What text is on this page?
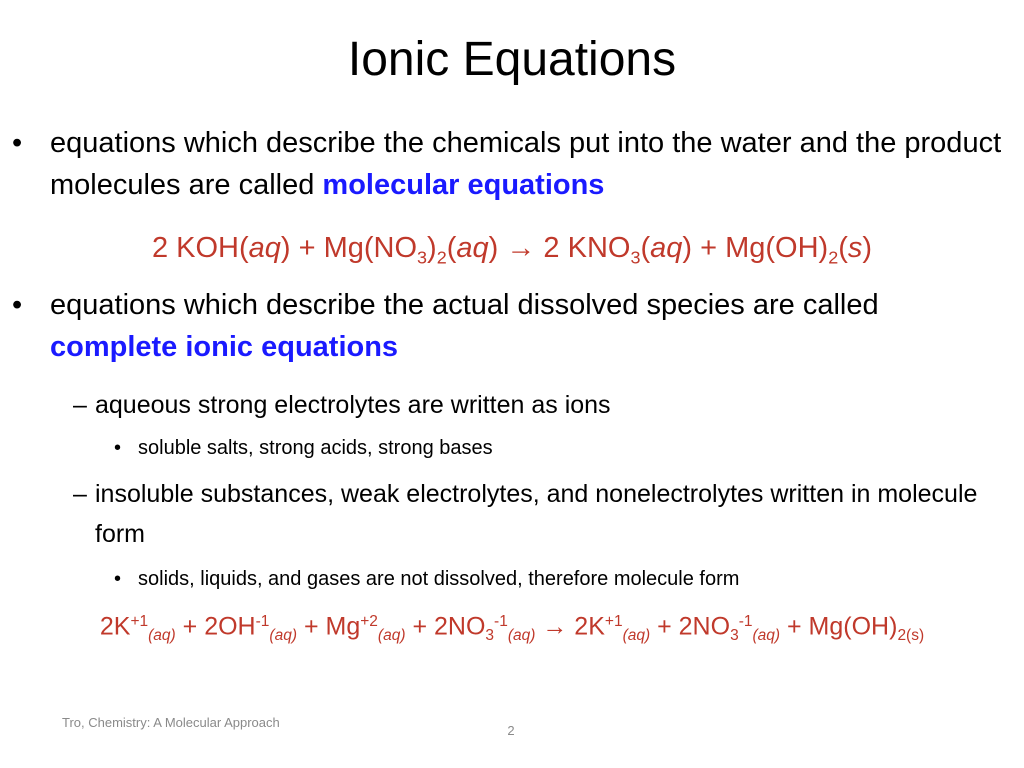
Ionic Equations
• equations which describe the chemicals put into the water and the product molecules are called molecular equations
2 $KOH(aq) + Mg(NO_3)_2(aq) \to 2$ $KNO_3(aq) + Mg(OH)_2(s)$
• equations which describe the actual dissolved species are called complete ionic equations
– aqueous strong electrolytes are written as ions
• soluble salts, strong acids, strong bases
– insoluble substances, weak electrolytes, and nonelectrolytes written in molecule form
• solids, liquids, and gases are not dissolved, therefore molecule form
$2K^{+1}_{(aq)} + 2OH^{-1}_{(aq)} + Mg^{+2}_{(aq)} + 2NO_3^{-1}_{(aq)} \to 2K^{+1}_{(aq)} + 2NO_3^{-1}_{(aq)} + Mg(OH)_{2(s)}$
Tro, Chemistry: A Molecular Approach
2
